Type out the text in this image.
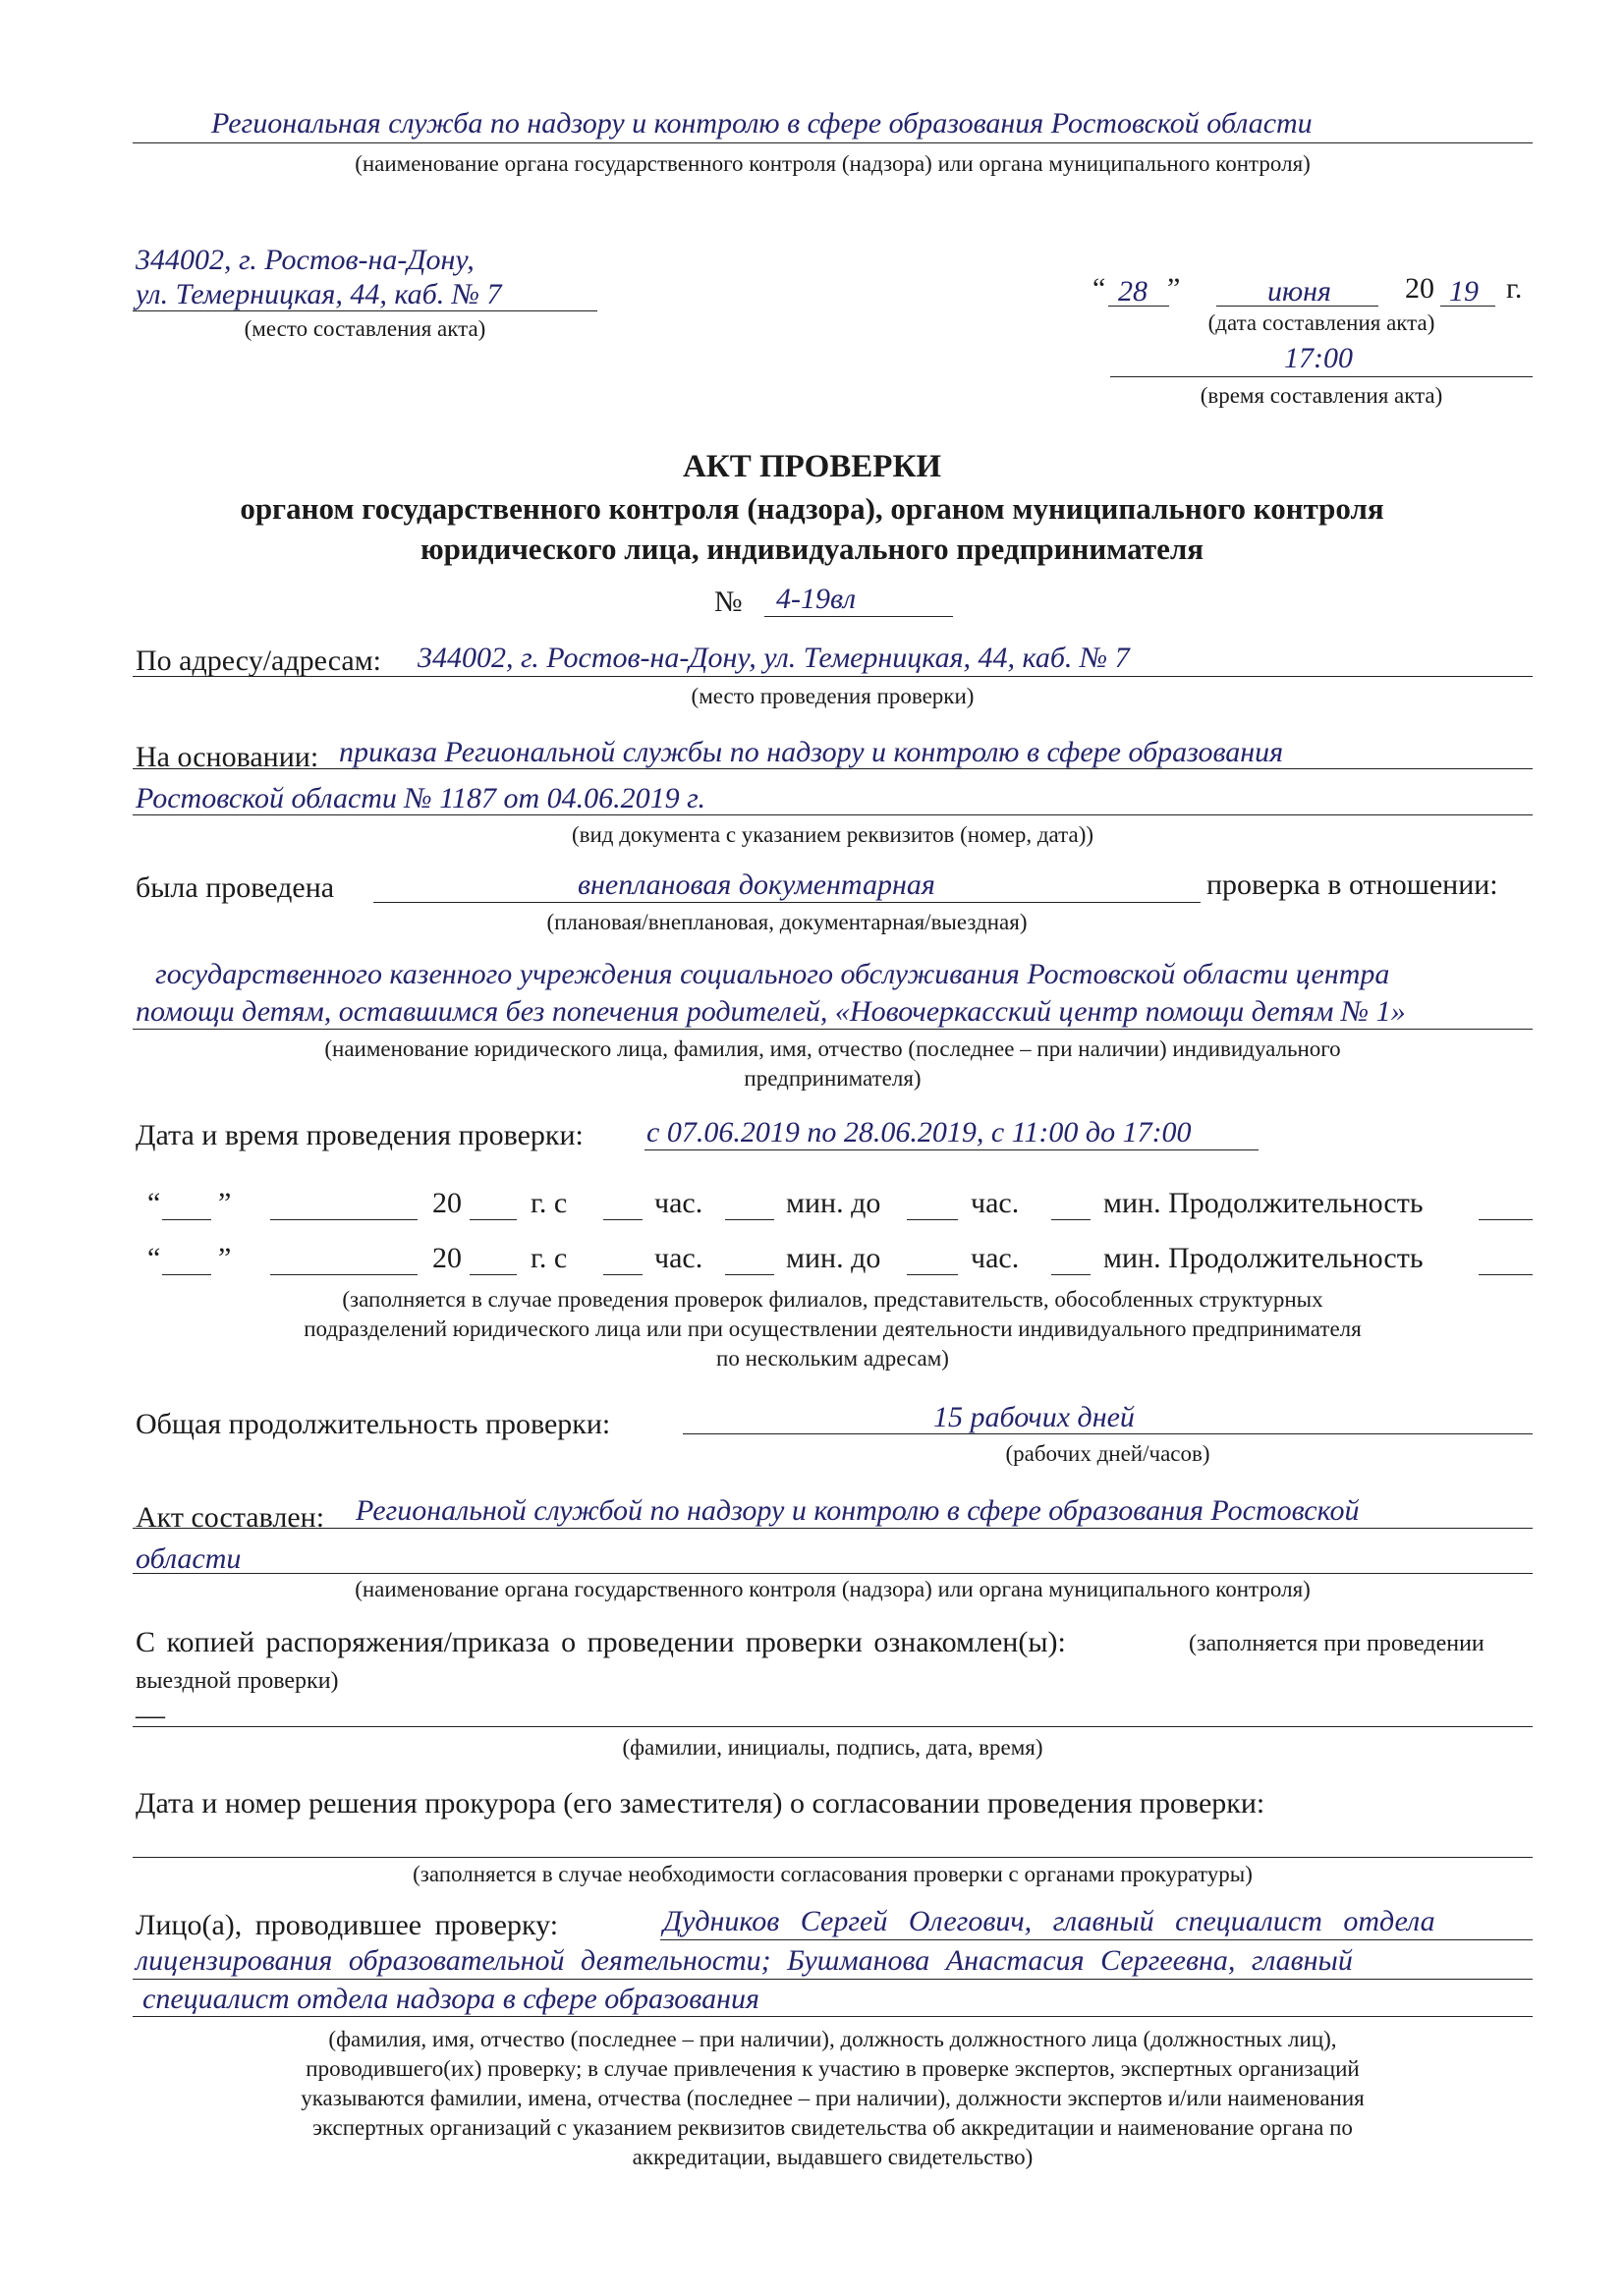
Региональная служба по надзору и контролю в сфере образования Ростовской области
(наименование органа государственного контроля (надзора) или органа муниципального контроля)
344002, г. Ростов-на-Дону,
ул. Темерницкая, 44, каб. № 7
(место составления акта)
“ 28 ”	июня	20 19 г.
(дата составления акта)
17:00
(время составления акта)
АКТ ПРОВЕРКИ
органом государственного контроля (надзора), органом муниципального контроля
юридического лица, индивидуального предпринимателя
№ 4-19вл
По адресу/адресам: 344002, г. Ростов-на-Дону, ул. Темерницкая, 44, каб. № 7
(место проведения проверки)
На основании: приказа Региональной службы по надзору и контролю в сфере образования
Ростовской области № 1187 от 04.06.2019 г.
(вид документа с указанием реквизитов (номер, дата))
была проведена	внеплановая документарная	проверка в отношении:
(плановая/внеплановая, документарная/выездная)
государственного казенного учреждения социального обслуживания Ростовской области центра
помощи детям, оставшимся без попечения родителей, «Новочеркасский центр помощи детям № 1»
(наименование юридического лица, фамилия, имя, отчество (последнее – при наличии) индивидуального
предпринимателя)
Дата и время проведения проверки: с 07.06.2019 по 28.06.2019, с 11:00 до 17:00
“ ”	20 г. с	час.	мин. до	час.	мин. Продолжительность
“ ”	20 г. с	час.	мин. до	час.	мин. Продолжительность
(заполняется в случае проведения проверок филиалов, представительств, обособленных структурных
подразделений юридического лица или при осуществлении деятельности индивидуального предпринимателя
по нескольким адресам)
Общая продолжительность проверки:	15 рабочих дней
(рабочих дней/часов)
Акт составлен: Региональной службой по надзору и контролю в сфере образования Ростовской
области
(наименование органа государственного контроля (надзора) или органа муниципального контроля)
С копией распоряжения/приказа о проведении проверки ознакомлен(ы):	(заполняется при проведении
выездной проверки)
—
(фамилии, инициалы, подпись, дата, время)
Дата и номер решения прокурора (его заместителя) о согласовании проведения проверки:
(заполняется в случае необходимости согласования проверки с органами прокуратуры)
Лицо(а), проводившее проверку:	Дудников Сергей Олегович, главный специалист отдела
лицензирования образовательной деятельности; Бушманова Анастасия Сергеевна, главный
специалист отдела надзора в сфере образования
(фамилия, имя, отчество (последнее – при наличии), должность должностного лица (должностных лиц),
проводившего(их) проверку; в случае привлечения к участию в проверке экспертов, экспертных организаций
указываются фамилии, имена, отчества (последнее – при наличии), должности экспертов и/или наименования
экспертных организаций с указанием реквизитов свидетельства об аккредитации и наименование органа по
аккредитации, выдавшего свидетельство)
